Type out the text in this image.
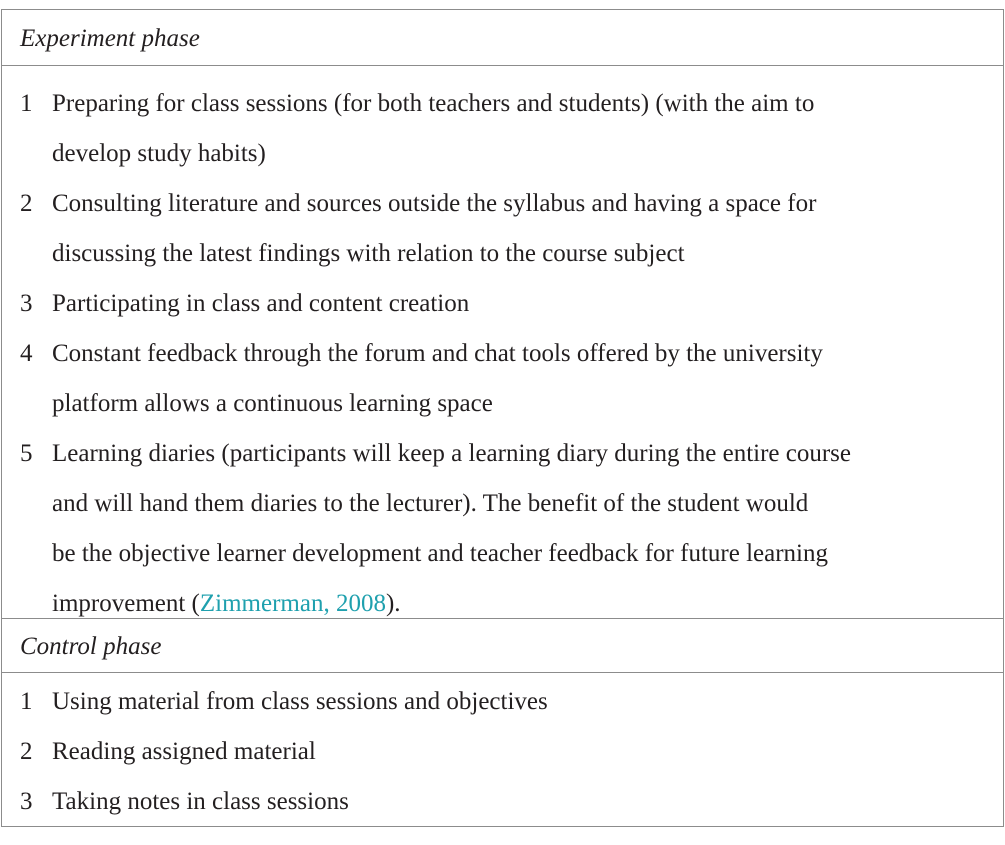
Experiment phase
1 Preparing for class sessions (for both teachers and students) (with the aim to
develop study habits)
2 Consulting literature and sources outside the syllabus and having a space for
discussing the latest findings with relation to the course subject
3 Participating in class and content creation
4 Constant feedback through the forum and chat tools offered by the university
platform allows a continuous learning space
5 Learning diaries (participants will keep a learning diary during the entire course
and will hand them diaries to the lecturer). The benefit of the student would
be the objective learner development and teacher feedback for future learning
improvement (Zimmerman, 2008).
Control phase
1 Using material from class sessions and objectives
2 Reading assigned material
3 Taking notes in class sessions
